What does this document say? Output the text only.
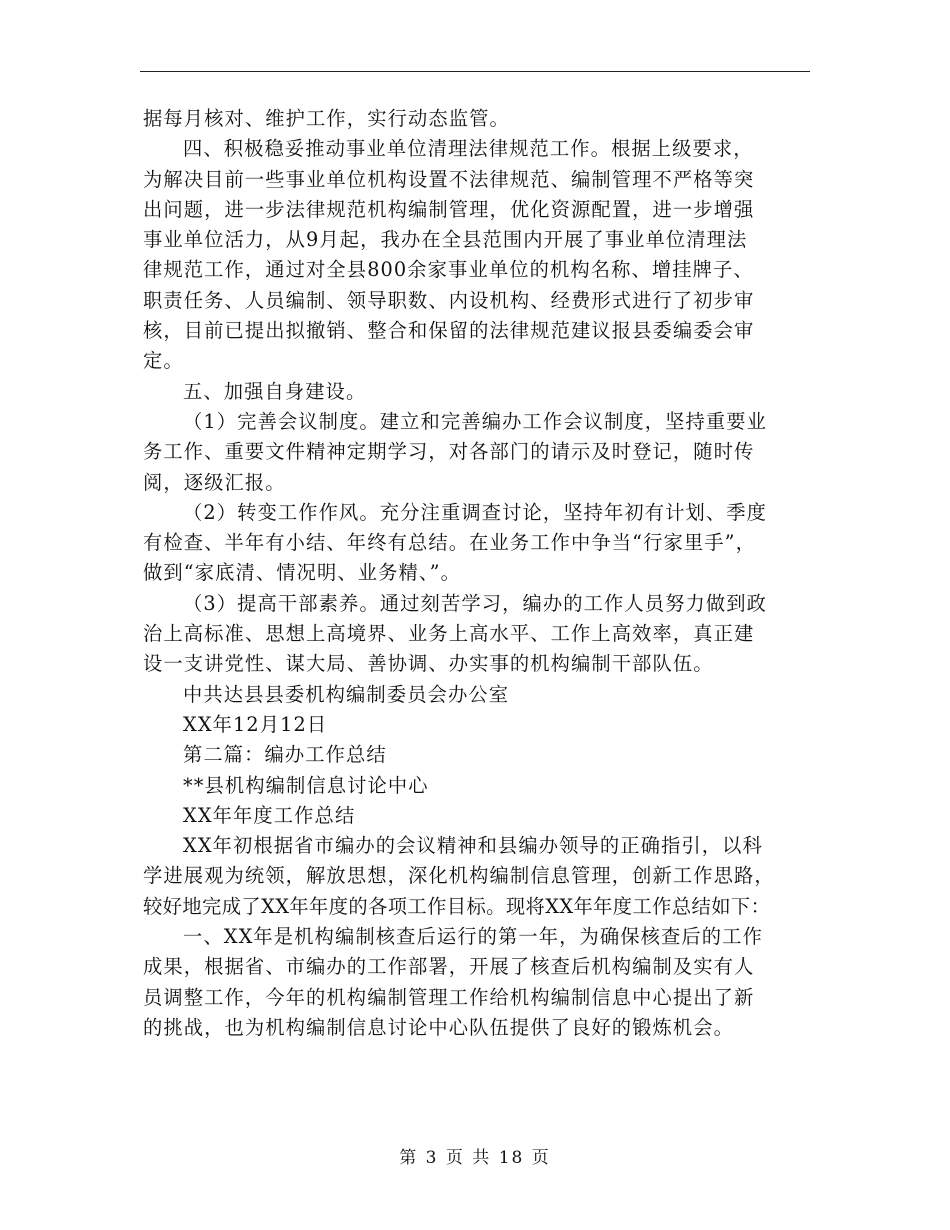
据每月核对、维护工作，实行动态监管。
四、积极稳妥推动事业单位清理法律规范工作。根据上级要求，
为解决目前一些事业单位机构设置不法律规范、编制管理不严格等突
出问题，进一步法律规范机构编制管理，优化资源配置，进一步增强
事业单位活力，从9月起，我办在全县范围内开展了事业单位清理法
律规范工作，通过对全县800余家事业单位的机构名称、增挂牌子、
职责任务、人员编制、领导职数、内设机构、经费形式进行了初步审
核，目前已提出拟撤销、整合和保留的法律规范建议报县委编委会审
定。
五、加强自身建设。
（1）完善会议制度。建立和完善编办工作会议制度，坚持重要业
务工作、重要文件精神定期学习，对各部门的请示及时登记，随时传
阅，逐级汇报。
（2）转变工作作风。充分注重调查讨论，坚持年初有计划、季度
有检查、半年有小结、年终有总结。在业务工作中争当“行家里手”，
做到“家底清、情况明、业务精、”。
（3）提高干部素养。通过刻苦学习，编办的工作人员努力做到政
治上高标准、思想上高境界、业务上高水平、工作上高效率，真正建
设一支讲党性、谋大局、善协调、办实事的机构编制干部队伍。
中共达县县委机构编制委员会办公室
XX年12月12日
第二篇：编办工作总结
**县机构编制信息讨论中心
XX年年度工作总结
XX年初根据省市编办的会议精神和县编办领导的正确指引，以科
学进展观为统领，解放思想，深化机构编制信息管理，创新工作思路，
较好地完成了XX年年度的各项工作目标。现将XX年年度工作总结如下：
一、XX年是机构编制核查后运行的第一年，为确保核查后的工作
成果，根据省、市编办的工作部署，开展了核查后机构编制及实有人
员调整工作，今年的机构编制管理工作给机构编制信息中心提出了新
的挑战，也为机构编制信息讨论中心队伍提供了良好的锻炼机会。
第 3 页 共 18 页
